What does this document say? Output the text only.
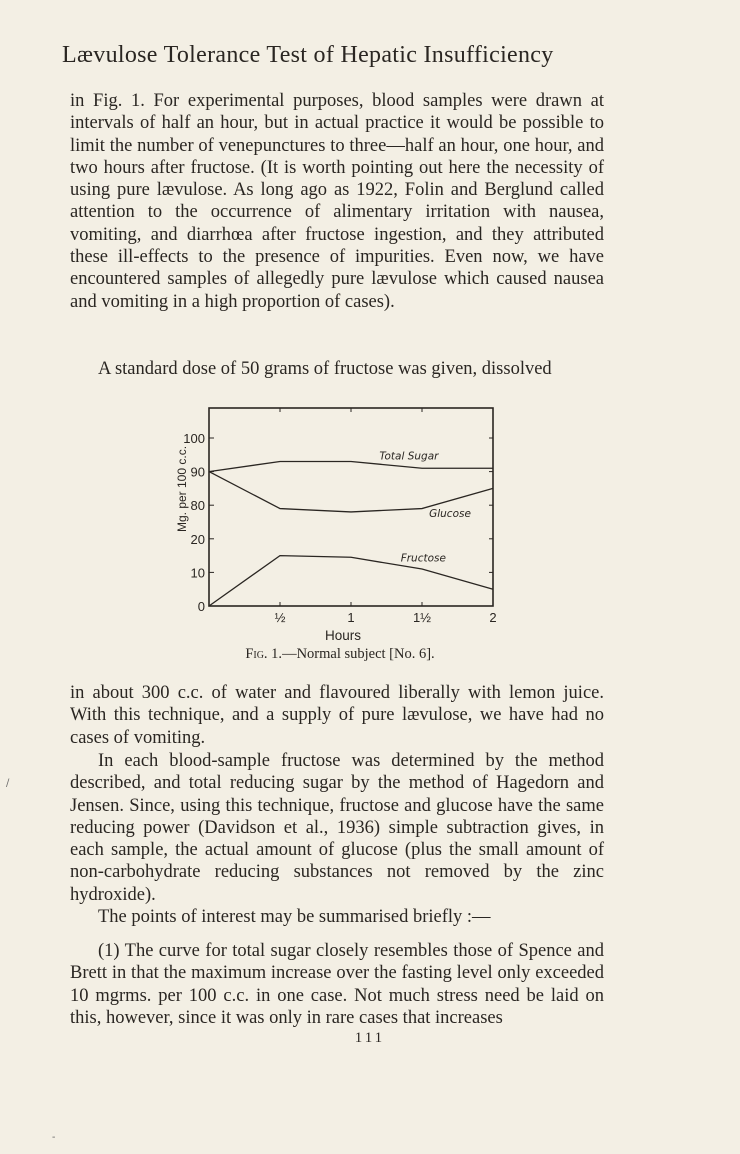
Lævulose Tolerance Test of Hepatic Insufficiency

in Fig. 1. For experimental purposes, blood samples were drawn at intervals of half an hour, but in actual practice it would be possible to limit the number of venepunctures to three—half an hour, one hour, and two hours after fructose. (It is worth pointing out here the necessity of using pure lævulose. As long ago as 1922, Folin and Berglund called attention to the occurrence of alimentary irritation with nausea, vomiting, and diarrhœa after fructose ingestion, and they attributed these ill-effects to the presence of impurities. Even now, we have encountered samples of allegedly pure lævulose which caused nausea and vomiting in a high proportion of cases).

A standard dose of 50 grams of fructose was given, dissolved

0
10
20
80
90
100
½	1	1½	2
Hours
Mg. per 100 c.c.	Total Sugar
Glucose
Fructose
Fig. 1.—Normal subject [No. 6].

in about 300 c.c. of water and flavoured liberally with lemon juice. With this technique, and a supply of pure lævulose, we have had no cases of vomiting.

In each blood-sample fructose was determined by the method described, and total reducing sugar by the method of Hagedorn and Jensen. Since, using this technique, fructose and glucose have the same reducing power (Davidson et al., 1936) simple subtraction gives, in each sample, the actual amount of glucose (plus the small amount of non-carbohydrate reducing substances not removed by the zinc hydroxide).

The points of interest may be summarised briefly :—

(1) The curve for total sugar closely resembles those of Spence and Brett in that the maximum increase over the fasting level only exceeded 10 mgrms. per 100 c.c. in one case. Not much stress need be laid on this, however, since it was only in rare cases that increases

111
/
-
